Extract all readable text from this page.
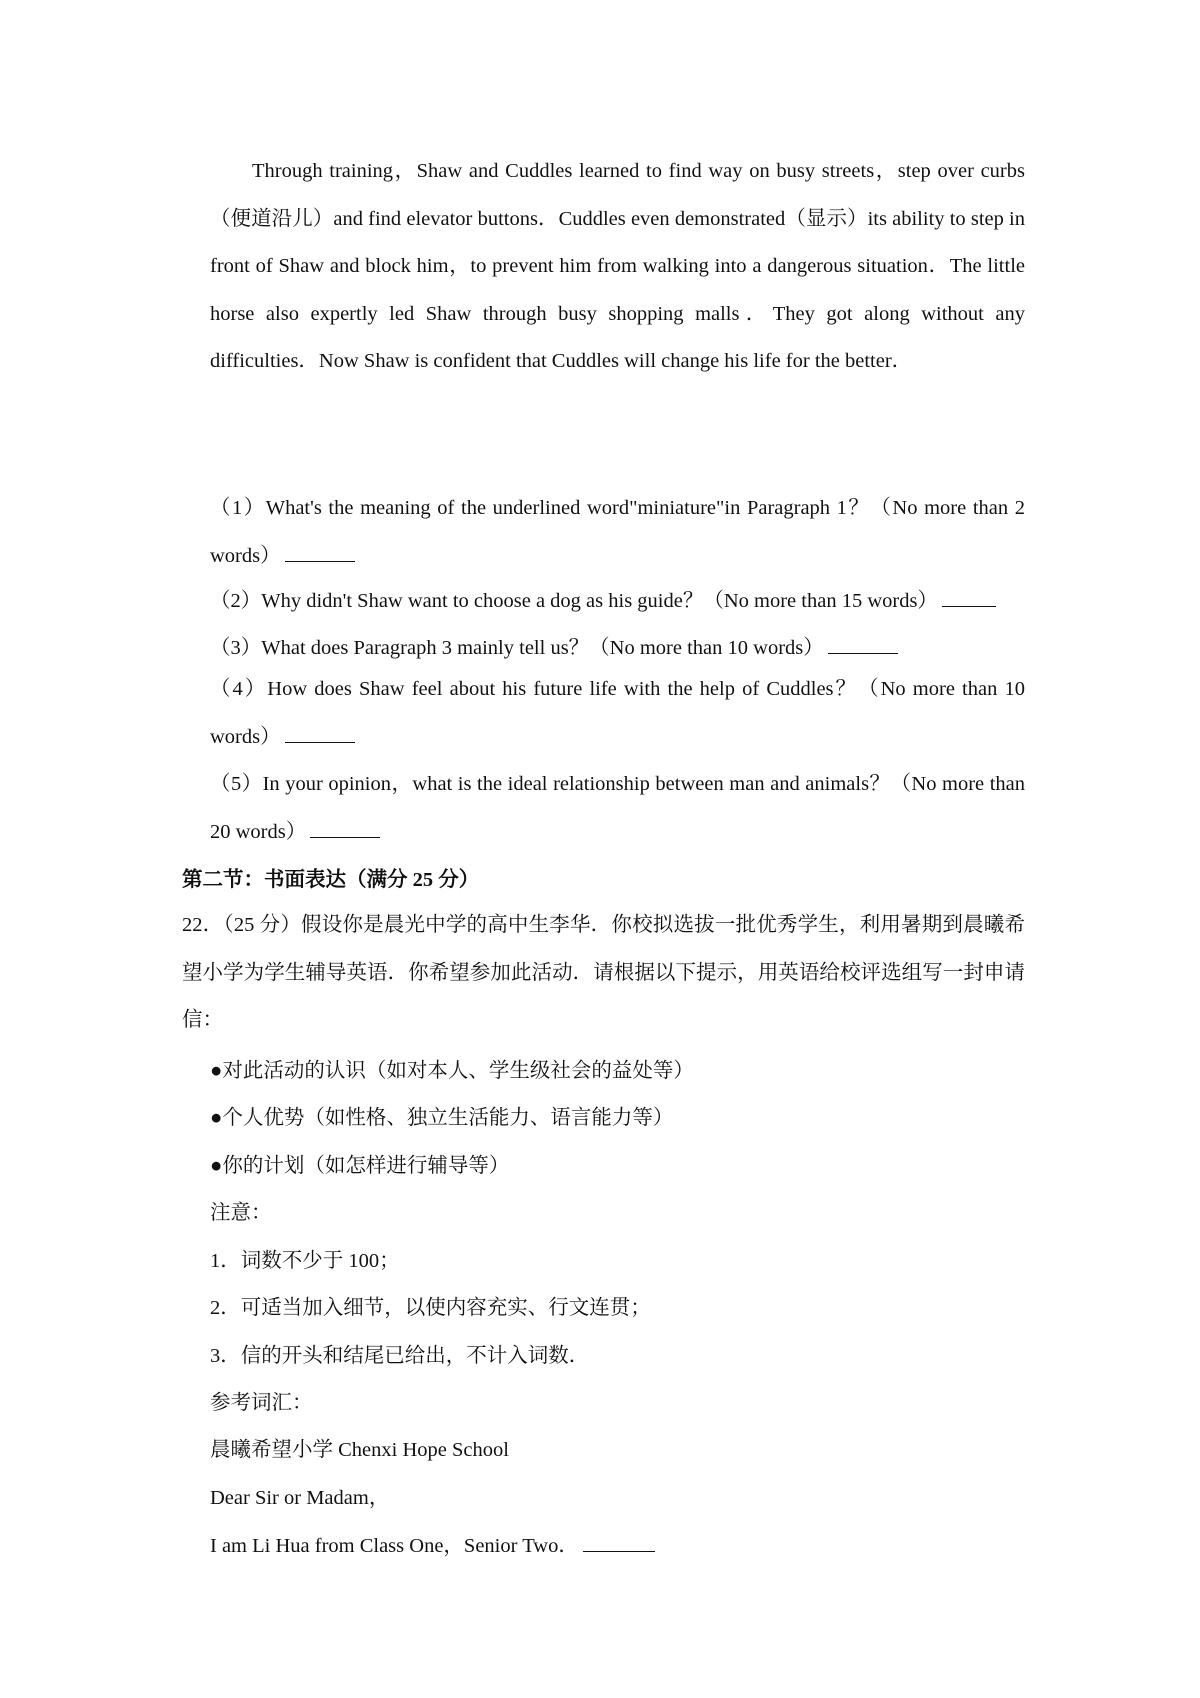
Through training，Shaw and Cuddles learned to find way on busy streets，step over curbs（便道沿儿）and find elevator buttons．Cuddles even demonstrated（显示）its ability to step in front of Shaw and block him，to prevent him from walking into a dangerous situation．The little horse also expertly led Shaw through busy shopping malls．They got along without any difficulties．Now Shaw is confident that Cuddles will change his life for the better．
（1）What's the meaning of the underlined word"miniature"in Paragraph 1？（No more than 2 words）
（2）Why didn't Shaw want to choose a dog as his guide？（No more than 15 words）
（3）What does Paragraph 3 mainly tell us？（No more than 10 words）
（4）How does Shaw feel about his future life with the help of Cuddles？（No more than 10 words）
（5）In your opinion，what is the ideal relationship between man and animals？（No more than 20 words）
第二节：书面表达（满分 25 分）
22．（25 分）假设你是晨光中学的高中生李华．你校拟选拔一批优秀学生，利用暑期到晨曦希望小学为学生辅导英语．你希望参加此活动．请根据以下提示，用英语给校评选组写一封申请信：
●对此活动的认识（如对本人、学生级社会的益处等）
●个人优势（如性格、独立生活能力、语言能力等）
●你的计划（如怎样进行辅导等）
注意：
1．词数不少于 100；
2．可适当加入细节，以使内容充实、行文连贯；
3．信的开头和结尾已给出，不计入词数．
参考词汇：
晨曦希望小学 Chenxi Hope School
Dear Sir or Madam，
I am Li Hua from Class One，Senior Two．
